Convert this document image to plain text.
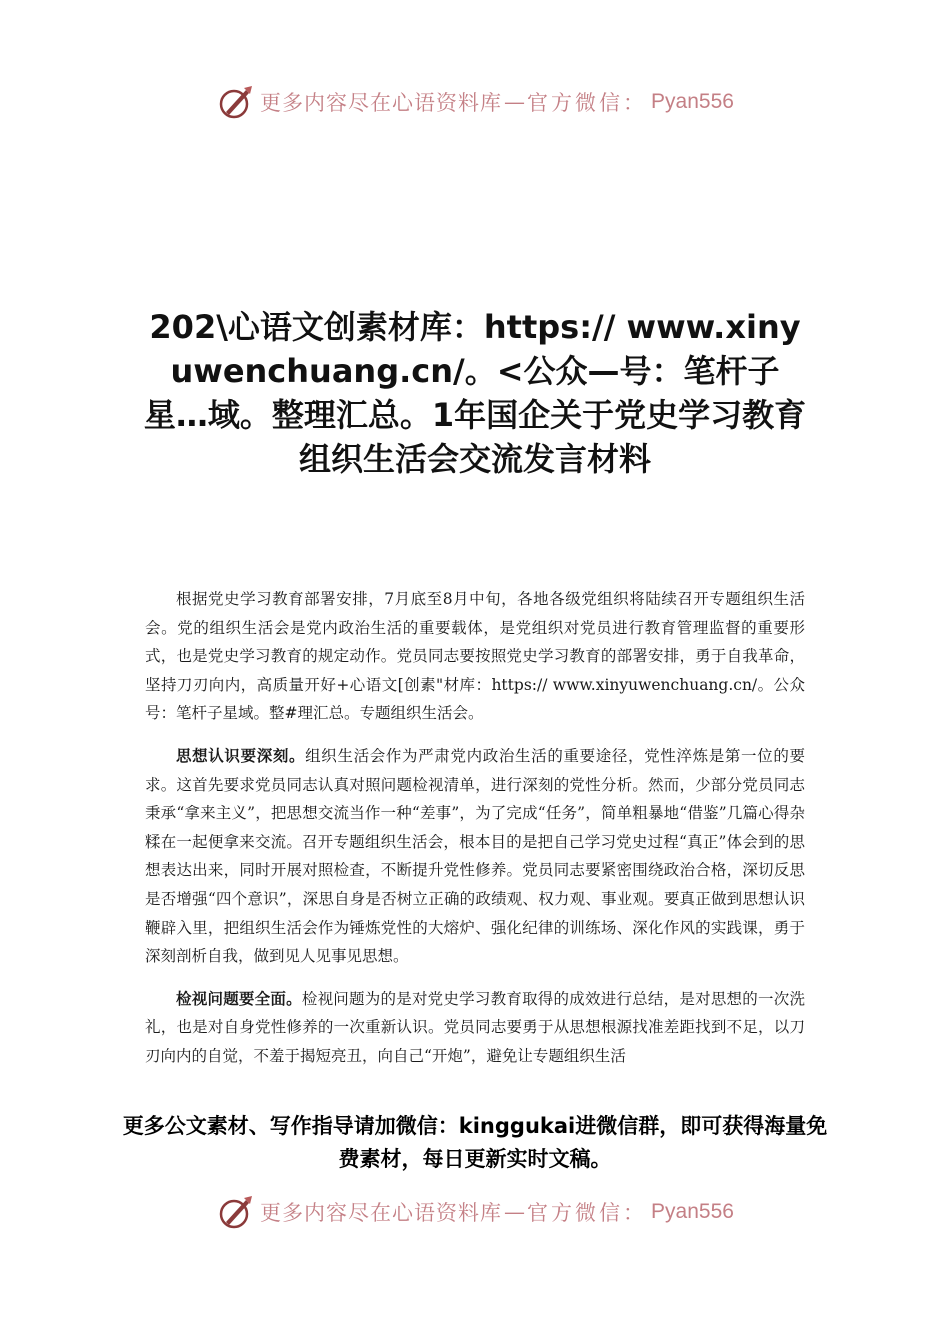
更多内容尽在心语资料库 — 官方微信： Pyan556
202\心语文创素材库：https:// www.xinyuwenchuang.cn/。<公众—号：笔杆子星…域。整理汇总。1年国企关于党史学习教育组织生活会交流发言材料

根据党史学习教育部署安排，7月底至8月中旬，各地各级党组织将陆续召开专题组织生活会。党的组织生活会是党内政治生活的重要载体，是党组织对党员进行教育管理监督的重要形式，也是党史学习教育的规定动作。党员同志要按照党史学习教育的部署安排，勇于自我革命，坚持刀刃向内，高质量开好+心语文[创素"材库：https:// www.xinyuwenchuang.cn/。公众号：笔杆子星域。整#理汇总。专题组织生活会。

思想认识要深刻。组织生活会作为严肃党内政治生活的重要途径，党性淬炼是第一位的要求。这首先要求党员同志认真对照问题检视清单，进行深刻的党性分析。然而，少部分党员同志秉承“拿来主义”，把思想交流当作一种“差事”，为了完成“任务”，简单粗暴地“借鉴”几篇心得杂糅在一起便拿来交流。召开专题组织生活会，根本目的是把自己学习党史过程“真正”体会到的思想表达出来，同时开展对照检查，不断提升党性修养。党员同志要紧密围绕政治合格，深切反思是否增强“四个意识”，深思自身是否树立正确的政绩观、权力观、事业观。要真正做到思想认识鞭辟入里，把组织生活会作为锤炼党性的大熔炉、强化纪律的训练场、深化作风的实践课，勇于深刻剖析自我，做到见人见事见思想。

检视问题要全面。检视问题为的是对党史学习教育取得的成效进行总结，是对思想的一次洗礼，也是对自身党性修养的一次重新认识。党员同志要勇于从思想根源找准差距找到不足，以刀刃向内的自觉，不羞于揭短亮丑，向自己“开炮”，避免让专题组织生活

更多公文素材、写作指导请加微信：kinggukai进微信群，即可获得海量免费素材，每日更新实时文稿。
更多内容尽在心语资料库 — 官方微信： Pyan556
